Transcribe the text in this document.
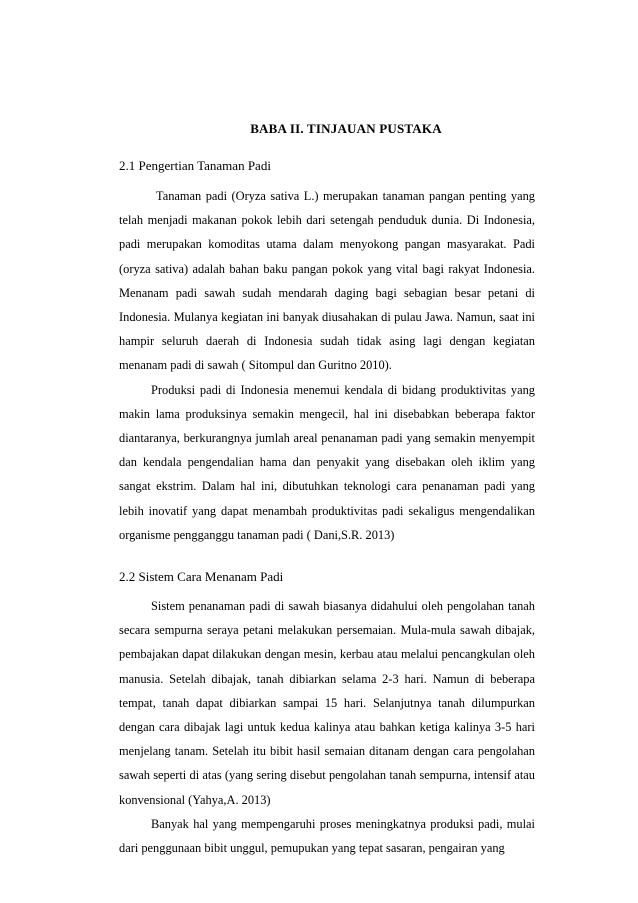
BABA II. TINJAUAN PUSTAKA
2.1 Pengertian Tanaman Padi

Tanaman padi (Oryza sativa L.) merupakan tanaman pangan penting yang telah menjadi makanan pokok lebih dari setengah penduduk dunia. Di Indonesia, padi merupakan komoditas utama dalam menyokong pangan masyarakat. Padi (oryza sativa) adalah bahan baku pangan pokok yang vital bagi rakyat Indonesia. Menanam padi sawah sudah mendarah daging bagi sebagian besar petani di Indonesia. Mulanya kegiatan ini banyak diusahakan di pulau Jawa. Namun, saat ini hampir seluruh daerah di Indonesia sudah tidak asing lagi dengan kegiatan menanam padi di sawah ( Sitompul dan Guritno 2010).

Produksi padi di Indonesia menemui kendala di bidang produktivitas yang makin lama produksinya semakin mengecil, hal ini disebabkan beberapa faktor diantaranya, berkurangnya jumlah areal penanaman padi yang semakin menyempit dan kendala pengendalian hama dan penyakit yang disebakan oleh iklim yang sangat ekstrim. Dalam hal ini, dibutuhkan teknologi cara penanaman padi yang lebih inovatif yang dapat menambah produktivitas padi sekaligus mengendalikan organisme pengganggu tanaman padi ( Dani,S.R. 2013)

2.2 Sistem Cara Menanam Padi

Sistem penanaman padi di sawah biasanya didahului oleh pengolahan tanah secara sempurna seraya petani melakukan persemaian. Mula-mula sawah dibajak, pembajakan dapat dilakukan dengan mesin, kerbau atau melalui pencangkulan oleh manusia. Setelah dibajak, tanah dibiarkan selama 2-3 hari. Namun di beberapa tempat, tanah dapat dibiarkan sampai 15 hari. Selanjutnya tanah dilumpurkan dengan cara dibajak lagi untuk kedua kalinya atau bahkan ketiga kalinya 3-5 hari menjelang tanam. Setelah itu bibit hasil semaian ditanam dengan cara pengolahan sawah seperti di atas (yang sering disebut pengolahan tanah sempurna, intensif atau konvensional (Yahya,A. 2013)

Banyak hal yang mempengaruhi proses meningkatnya produksi padi, mulai dari penggunaan bibit unggul, pemupukan yang tepat sasaran, pengairan yang
